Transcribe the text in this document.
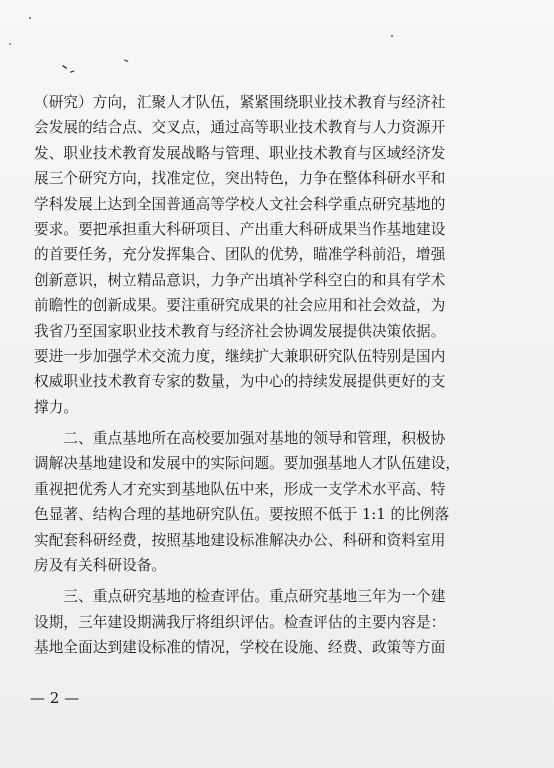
（研究）方向，汇聚人才队伍，紧紧围绕职业技术教育与经济社
会发展的结合点、交叉点，通过高等职业技术教育与人力资源开
发、职业技术教育发展战略与管理、职业技术教育与区域经济发
展三个研究方向，找准定位，突出特色，力争在整体科研水平和
学科发展上达到全国普通高等学校人文社会科学重点研究基地的
要求。要把承担重大科研项目、产出重大科研成果当作基地建设
的首要任务，充分发挥集合、团队的优势，瞄准学科前沿，增强
创新意识，树立精品意识，力争产出填补学科空白的和具有学术
前瞻性的创新成果。要注重研究成果的社会应用和社会效益，为
我省乃至国家职业技术教育与经济社会协调发展提供决策依据。
要进一步加强学术交流力度，继续扩大兼职研究队伍特别是国内
权威职业技术教育专家的数量，为中心的持续发展提供更好的支
撑力。
　　二、重点基地所在高校要加强对基地的领导和管理，积极协
调解决基地建设和发展中的实际问题。要加强基地人才队伍建设，
重视把优秀人才充实到基地队伍中来，形成一支学术水平高、特
色显著、结构合理的基地研究队伍。要按照不低于 1:1 的比例落
实配套科研经费，按照基地建设标准解决办公、科研和资料室用
房及有关科研设备。
　　三、重点研究基地的检查评估。重点研究基地三年为一个建
设期，三年建设期满我厅将组织评估。检查评估的主要内容是：
基地全面达到建设标准的情况，学校在设施、经费、政策等方面
— 2 —
